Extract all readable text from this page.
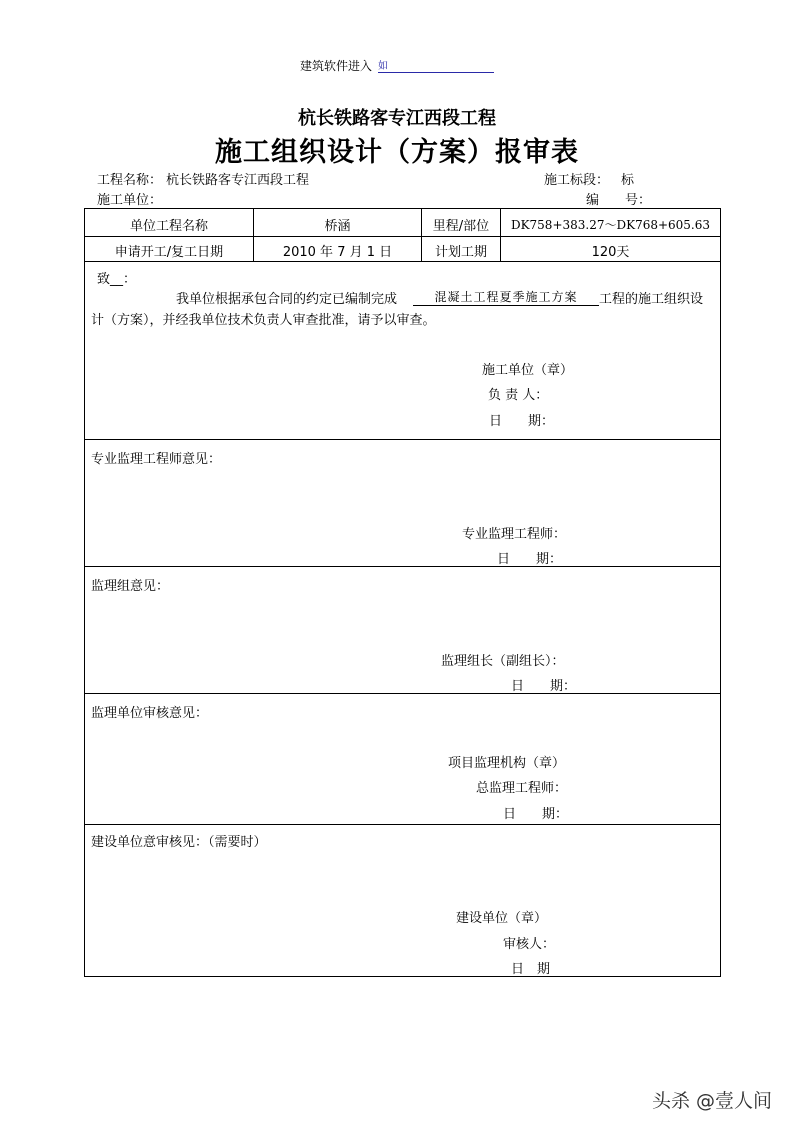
建筑软件进入 如
杭长铁路客专江西段工程
施工组织设计（方案）报审表
工程名称： 杭长铁路客专江西段工程	施工标段： 标
施工单位：	编　　号：
单位工程名称	桥涵	里程/部位	DK758+383.27～DK768+605.63
申请开工/复工日期	2010 年 7 月 1 日	计划工期	120天
致__：
我单位根据承包合同的约定已编制完成	混凝土工程夏季施工方案	工程的施工组织设
计（方案），并经我单位技术负责人审查批准，请予以审查。
施工单位（章）
负 责 人：
日　　期：
专业监理工程师意见：
专业监理工程师：
日　　期：
监理组意见：
监理组长（副组长）：
日　　期：
监理单位审核意见：
项目监理机构（章）
总监理工程师：
日　　期：
建设单位意审核见：（需要时）
建设单位（章）
审核人：
日　期
头杀 @壹人间
